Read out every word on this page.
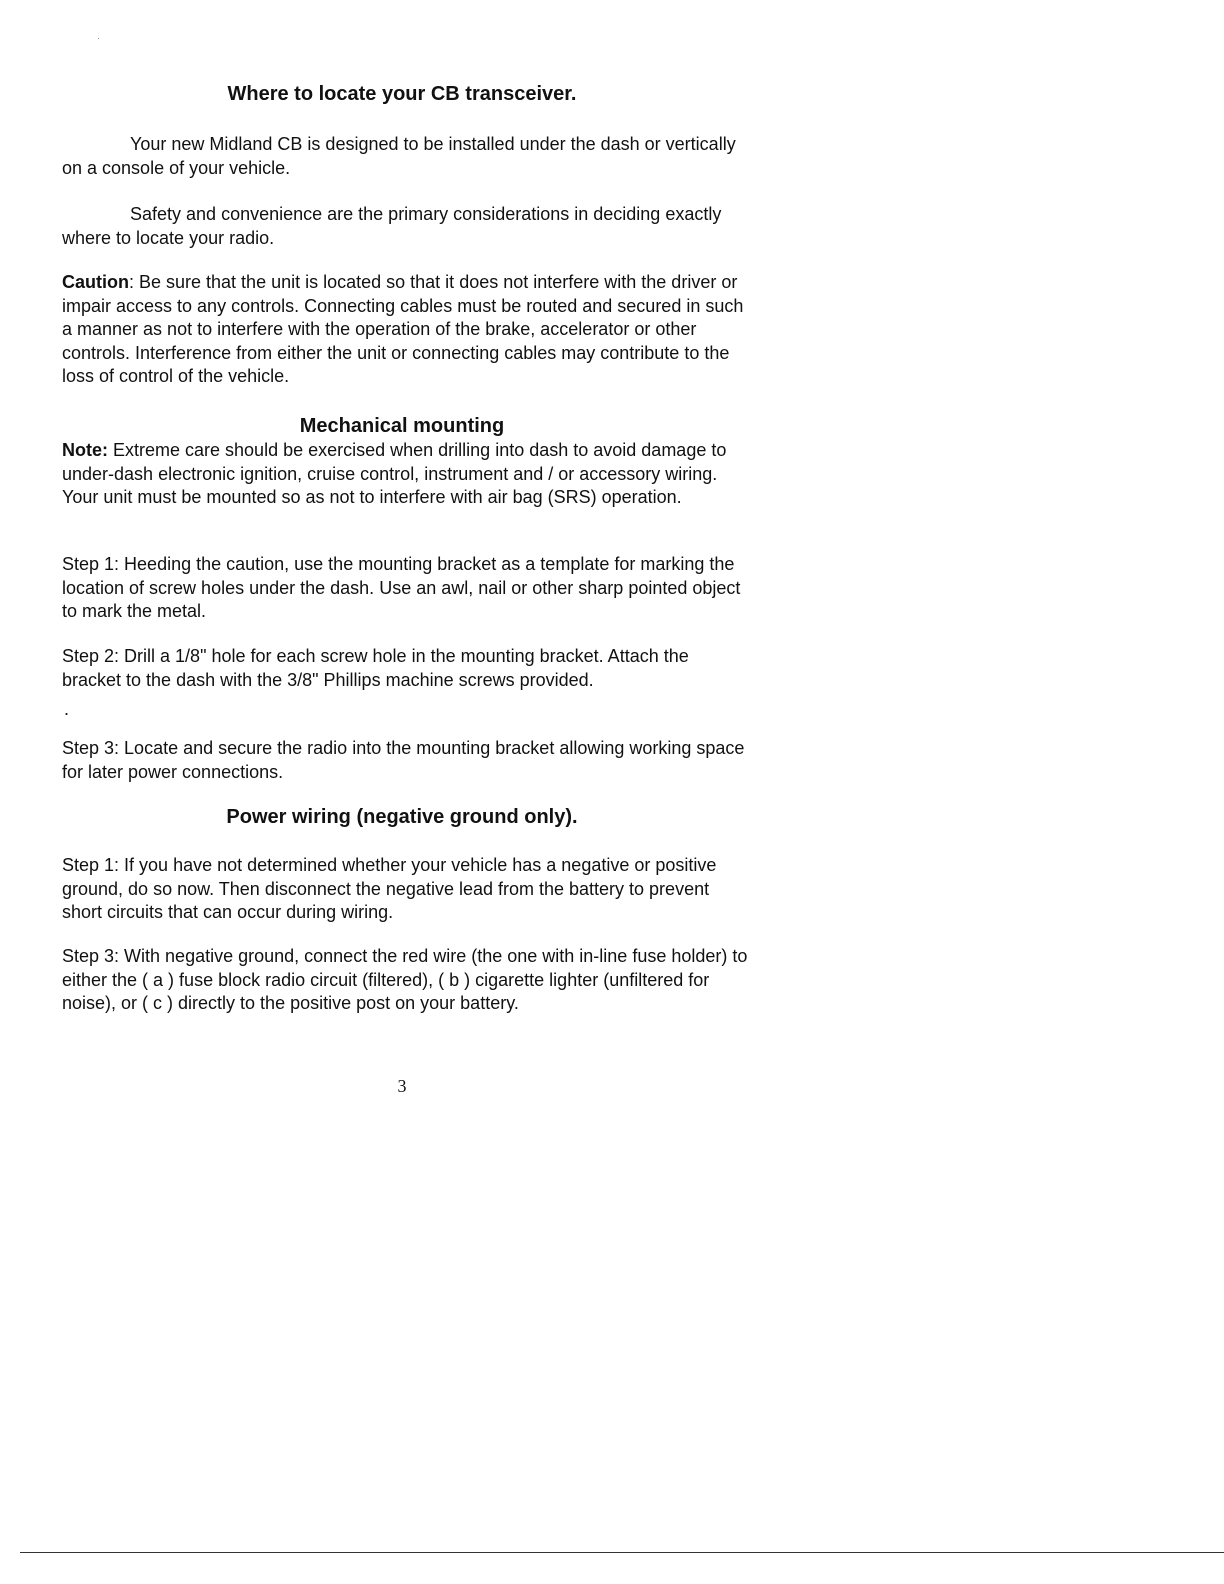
Where to locate your CB transceiver.

Your new Midland CB is designed to be installed under the dash or vertically on a console of your vehicle.

Safety and convenience are the primary considerations in deciding exactly where to locate your radio.

Caution: Be sure that the unit is located so that it does not interfere with the driver or impair access to any controls. Connecting cables must be routed and secured in such a manner as not to interfere with the operation of the brake, accelerator or other controls. Interference from either the unit or connecting cables may contribute to the loss of control of the vehicle.

Mechanical mounting

Note: Extreme care should be exercised when drilling into dash to avoid damage to under-dash electronic ignition, cruise control, instrument and / or accessory wiring. Your unit must be mounted so as not to interfere with air bag (SRS) operation.

Step 1: Heeding the caution, use the mounting bracket as a template for marking the location of screw holes under the dash. Use an awl, nail or other sharp pointed object to mark the metal.

Step 2: Drill a 1/8" hole for each screw hole in the mounting bracket. Attach the bracket to the dash with the 3/8" Phillips machine screws provided.

.

Step 3: Locate and secure the radio into the mounting bracket allowing working space for later power connections.

Power wiring (negative ground only).

Step 1: If you have not determined whether your vehicle has a negative or positive ground, do so now. Then disconnect the negative lead from the battery to prevent short circuits that can occur during wiring.

Step 3: With negative ground, connect the red wire (the one with in-line fuse holder) to either the ( a ) fuse block radio circuit (filtered), ( b ) cigarette lighter (unfiltered for noise), or ( c ) directly to the positive post on your battery.

3
